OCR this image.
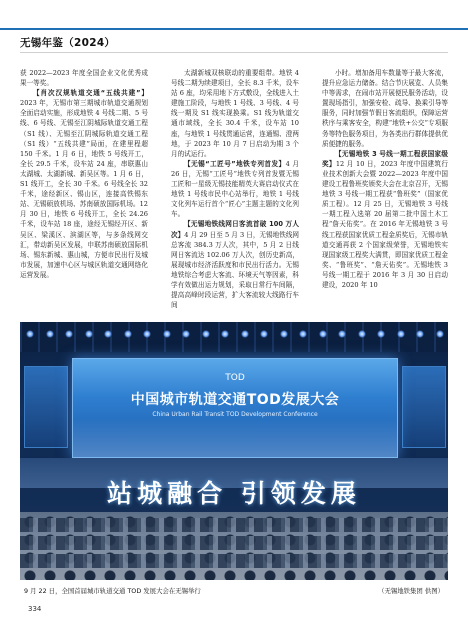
无锡年鉴（2024）

获 2022—2023 年度全国企业文化优秀成果一等奖。

【肖次汉规轨道交通“五线共建”】2023 年，无锡市第三期城市轨道交通规划全面启动实施，形成地铁 4 号线二期、5 号线、6 号线、无锡至江阴城际轨道交通工程（S1 线）、无锡至江阴城际轨道交通工程（S1 线）“五线共建”局面，在建里程超 150 千米。1 月 6 日，地铁 5 号线开工，全长 29.5 千米，设车站 24 座，串联惠山太湖城、太湖新城、新吴区等。1 月 6 日，S1 线开工，全长 30 千米。6 号线全长 32 千米，途经新区、锡山区，连接高铁锡东站、无锡硕放机场、苏南硕放国际机场。12 月 30 日，地铁 6 号线开工，全长 24.26 千米，设车站 18 座，途经无锡经开区、新吴区、梁溪区、滨湖区等，与多条线网交汇，带动新吴区发展，申联苏南硕放国际机场、锡东新城、惠山城，方便市民出行及城市发展，加速中心区与城区轨道交通网络化运营发展。

太湖新城双核联动的重要组带。地铁 4 号线二期为续建项目，全长 8.3 千米，设车站 6 座，均采用地下方式敷设，全线进入土建施工阶段，与地铁 1 号线、3 号线、4 号线一期及 S1 线实现换乘。S1 线为轨道交通市域线，全长 30.4 千米，设车站 10 座，与地铁 1 号线贯通运营，连通锡、澄两地，于 2023 年 10 月 7 日启动为期 3 个月的试运行。

【无锡“工匠号”地铁专列首发】4 月 26 日，无锡“工匠号”地铁专列首发暨无锡工匠和一星级无锡技能精英大赛启动仪式在地铁 1 号线市民中心站举行，地铁 1 号线文化列车运行首个“匠心”主题主题的文化列车。

【无锡地铁线网日客流首破 100 万人次】4 月 29 日至 5 月 3 日，无锡地铁线网总客流 384.3 万人次，其中，5 月 2 日线网日客流达 102.06 万人次，创历史新高，展现城市经济活跃度和市民出行活力。无锡地铁综合考虑大客流、环境天气等因素，科学有效做出运力规划，采取日常行车间隔，提高高峰时段运营，扩大客流较大线路行车间

小时。增加备用车数量等于最大客流，提升应急运力储备。结合节庆展览、人员集中等需求，在闹市站开展便民服务活动，设置现场指引，加强安检、疏导、换乘引导等服务，同时加强节假日客流组织，保障运营秩序与乘客安全，构建“地铁+公交”专项服务等特色服务项目，为各类出行群体提供优质便捷的服务。

【无锡地铁 3 号线一期工程获国家级奖】12 月 10 日，2023 年度中国建筑行业技术创新大会暨 2022—2023 年度中国建设工程鲁班奖颁奖大会在北京召开，无锡地铁 3 号线一期工程获“鲁班奖”（国家优质工程）。12 月 25 日，无锡地铁 3 号线一期工程入选第 20 届第二批中国土木工程“詹天佑奖”。在 2016 年无锡地铁 3 号线工程获国家优质工程金质奖后，无锡市轨道交通再获 2 个国家级荣誉，无锡地铁实现国家级工程奖大满贯，即国家优质工程金奖、“鲁班奖”、“詹天佑奖”。无锡地铁 3 号线一期工程于 2016 年 3 月 30 日启动建设，2020 年 10

TOD
中国城市轨道交通TOD发展大会
China Urban Rail Transit TOD Development Conference
站城融合 引领发展
9 月 22 日，全国首届城市轨道交通 TOD 发展大会在无锡举行	（无锡地铁集团 供图）
334
